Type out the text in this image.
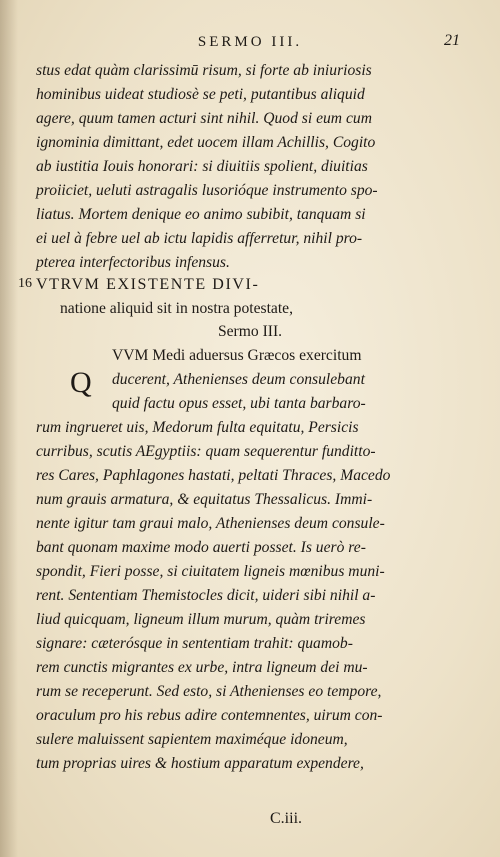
SERMO III.	21
stus edat quàm clarissimū risum, si forte ab iniuriosis
hominibus uideat studiosè se peti, putantibus aliquid
agere, quum tamen acturi sint nihil. Quod si eum cum
ignominia dimittant, edet uocem illam Achillis, Cogito
ab iustitia Iouis honorari: si diuitiis spolient, diuitias
proiiciet, ueluti astragalis lusorióque instrumento spo-
liatus. Mortem denique eo animo subibit, tanquam si
ei uel à febre uel ab ictu lapidis afferretur, nihil pro-
pterea interfectoribus infensus.
16 VTRVM EXISTENTE DIVI-
natione aliquid sit in nostra potestate,
Sermo III.
Q
VVM Medi aduersus Græcos exercitum
ducerent, Athenienses deum consulebant
quid factu opus esset, ubi tanta barbaro-
rum ingrueret uis, Medorum fulta equitatu, Persicis
curribus, scutis AEgyptiis: quam sequerentur funditto-
res Cares, Paphlagones hastati, peltati Thraces, Macedo
num grauis armatura, & equitatus Thessalicus. Immi-
nente igitur tam graui malo, Athenienses deum consule-
bant quonam maxime modo auerti posset. Is uerò re-
spondit, Fieri posse, si ciuitatem ligneis mœnibus muni-
rent. Sententiam Themistocles dicit, uideri sibi nihil a-
liud quicquam, ligneum illum murum, quàm triremes
signare: cæterósque in sententiam trahit: quamob-
rem cunctis migrantes ex urbe, intra ligneum dei mu-
rum se receperunt. Sed esto, si Athenienses eo tempore,
oraculum pro his rebus adire contemnentes, uirum con-
sulere maluissent sapientem maximéque idoneum,
tum proprias uires & hostium apparatum expendere,
C.iii.
